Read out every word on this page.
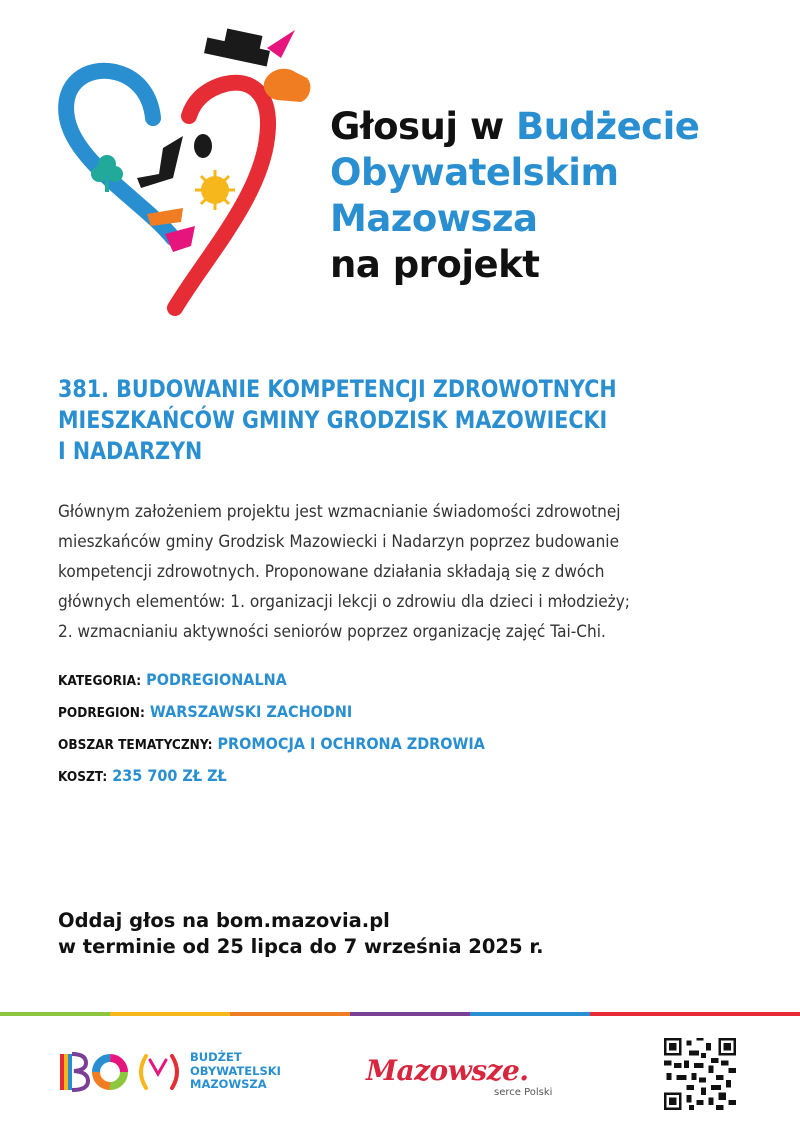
Głosuj w Budżecie
Obywatelskim
Mazowsza
na projekt
381. BUDOWANIE KOMPETENCJI ZDROWOTNYCH
MIESZKAŃCÓW GMINY GRODZISK MAZOWIECKI
I NADARZYN
Głównym założeniem projektu jest wzmacnianie świadomości zdrowotnej
mieszkańców gminy Grodzisk Mazowiecki i Nadarzyn poprzez budowanie
kompetencji zdrowotnych. Proponowane działania składają się z dwóch
głównych elementów: 1. organizacji lekcji o zdrowiu dla dzieci i młodzieży;
2. wzmacnianiu aktywności seniorów poprzez organizację zajęć Tai-Chi.
KATEGORIA: PODREGIONALNA
PODREGION: WARSZAWSKI ZACHODNI
OBSZAR TEMATYCZNY: PROMOCJA I OCHRONA ZDROWIA
KOSZT: 235 700 ZŁ ZŁ
Oddaj głos na bom.mazovia.pl
w terminie od 25 lipca do 7 września 2025 r.
BUDŻET
OBYWATELSKI
MAZOWSZA	Mazowsze.
serce Polski
